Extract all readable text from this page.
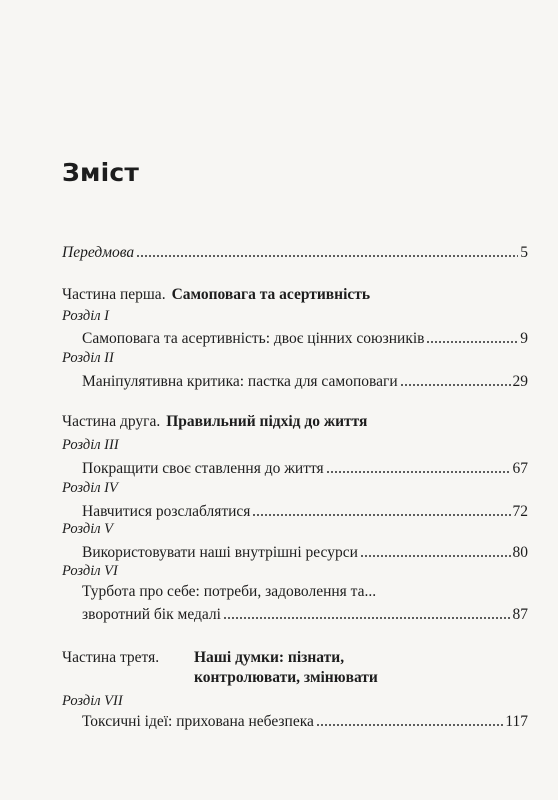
Зміст
Передмова	5
Частина перша. Самоповага та асертивність
Розділ I
Самоповага та асертивність: двоє цінних союзників	9
Розділ II
Маніпулятивна критика: пастка для самоповаги	29
Частина друга. Правильний підхід до життя
Розділ III
Покращити своє ставлення до життя	67
Розділ IV
Навчитися розслаблятися	72
Розділ V
Використовувати наші внутрішні ресурси	80
Розділ VI
Турбота про себе: потреби, задоволення та...
зворотний бік медалі	87
Частина третя. Наші думки: пізнати,
контролювати, змінювати
Розділ VII
Токсичні ідеї: прихована небезпека	117
